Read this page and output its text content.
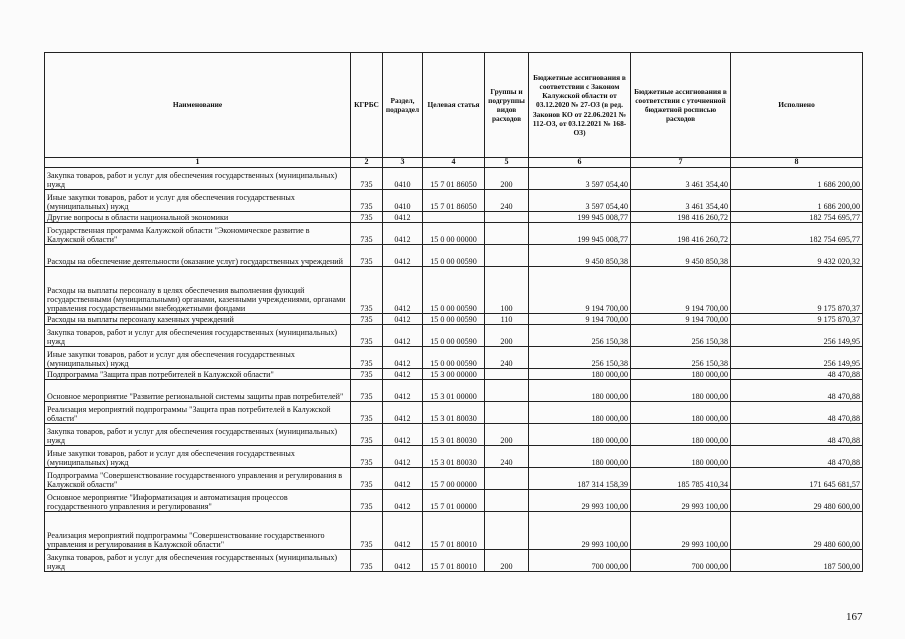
Наименование	КГРБС	Раздел, подраздел	Целевая статья	Группы и подгруппы видов расходов	Бюджетные ассигнования в соответствии с Законом Калужской области от 03.12.2020 № 27-ОЗ (в ред. Законов КО от 22.06.2021 № 112-ОЗ, от 03.12.2021 № 168-ОЗ)	Бюджетные ассигнования в соответствии с уточненной бюджетной росписью расходов	Исполнено
1	2	3	4	5	6	7	8
Закупка товаров, работ и услуг для обеспечения государственных (муниципальных) нужд	735	0410	15 7 01 86050	200	3 597 054,40	3 461 354,40	1 686 200,00
Иные закупки товаров, работ и услуг для обеспечения государственных (муниципальных) нужд	735	0410	15 7 01 86050	240	3 597 054,40	3 461 354,40	1 686 200,00
Другие вопросы в области национальной экономики	735	0412			199 945 008,77	198 416 260,72	182 754 695,77
Государственная программа Калужской области "Экономическое развитие в Калужской области"	735	0412	15 0 00 00000		199 945 008,77	198 416 260,72	182 754 695,77
Расходы на обеспечение деятельности (оказание услуг) государственных учреждений	735	0412	15 0 00 00590		9 450 850,38	9 450 850,38	9 432 020,32
Расходы на выплаты персоналу в целях обеспечения выполнения функций государственными (муниципальными) органами, казенными учреждениями, органами управления государственными внебюджетными фондами	735	0412	15 0 00 00590	100	9 194 700,00	9 194 700,00	9 175 870,37
Расходы на выплаты персоналу казенных учреждений	735	0412	15 0 00 00590	110	9 194 700,00	9 194 700,00	9 175 870,37
Закупка товаров, работ и услуг для обеспечения государственных (муниципальных) нужд	735	0412	15 0 00 00590	200	256 150,38	256 150,38	256 149,95
Иные закупки товаров, работ и услуг для обеспечения государственных (муниципальных) нужд	735	0412	15 0 00 00590	240	256 150,38	256 150,38	256 149,95
Подпрограмма "Защита прав потребителей в Калужской области"	735	0412	15 3 00 00000		180 000,00	180 000,00	48 470,88
Основное мероприятие "Развитие региональной системы защиты прав потребителей"	735	0412	15 3 01 00000		180 000,00	180 000,00	48 470,88
Реализация мероприятий подпрограммы "Защита прав потребителей в Калужской области"	735	0412	15 3 01 80030		180 000,00	180 000,00	48 470,88
Закупка товаров, работ и услуг для обеспечения государственных (муниципальных) нужд	735	0412	15 3 01 80030	200	180 000,00	180 000,00	48 470,88
Иные закупки товаров, работ и услуг для обеспечения государственных (муниципальных) нужд	735	0412	15 3 01 80030	240	180 000,00	180 000,00	48 470,88
Подпрограмма "Совершенствование государственного управления и регулирования в Калужской области"	735	0412	15 7 00 00000		187 314 158,39	185 785 410,34	171 645 681,57
Основное мероприятие "Информатизация и автоматизация процессов государственного управления и регулирования"	735	0412	15 7 01 00000		29 993 100,00	29 993 100,00	29 480 600,00
Реализация мероприятий подпрограммы "Совершенствование государственного управления и регулирования в Калужской области"	735	0412	15 7 01 80010		29 993 100,00	29 993 100,00	29 480 600,00
Закупка товаров, работ и услуг для обеспечения государственных (муниципальных) нужд	735	0412	15 7 01 80010	200	700 000,00	700 000,00	187 500,00
167
